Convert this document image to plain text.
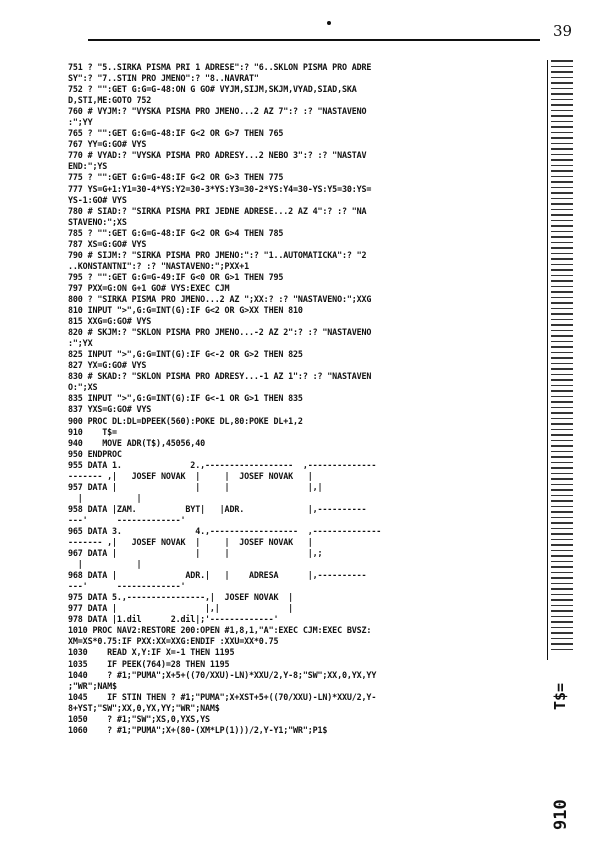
39
751 ? "5..SIRKA PISMA PRI 1 ADRESE":? "6..SKLON PISMA PRO ADRE
SY":? "7..STIN PRO JMENO":? "8..NAVRAT"
752 ? "":GET G:G=G-48:ON G GO# VYJM,SIJM,SKJM,VYAD,SIAD,SKA
D,STI,ME:GOTO 752
760 # VYJM:? "VYSKA PISMA PRO JMENO...2 AZ 7":? :? "NASTAVENO
:";YY
765 ? "":GET G:G=G-48:IF G<2 OR G>7 THEN 765
767 YY=G:GO# VYS
770 # VYAD:? "VYSKA PISMA PRO ADRESY...2 NEBO 3":? :? "NASTAV
END:";YS
775 ? "":GET G:G=G-48:IF G<2 OR G>3 THEN 775
777 YS=G+1:Y1=30-4*YS:Y2=30-3*YS:Y3=30-2*YS:Y4=30-YS:Y5=30:YS=
YS-1:GO# VYS
780 # SIAD:? "SIRKA PISMA PRI JEDNE ADRESE...2 AZ 4":? :? "NA
STAVENO:";XS
785 ? "":GET G:G=G-48:IF G<2 OR G>4 THEN 785
787 XS=G:GO# VYS
790 # SIJM:? "SIRKA PISMA PRO JMENO:":? "1..AUTOMATICKA":? "2
..KONSTANTNI":? :? "NASTAVENO:";PXX+1
795 ? "":GET G:G=G-49:IF G<0 OR G>1 THEN 795
797 PXX=G:ON G+1 GO# VYS:EXEC CJM
800 ? "SIRKA PISMA PRO JMENO...2 AZ ";XX:? :? "NASTAVENO:";XXG
810 INPUT ">",G:G=INT(G):IF G<2 OR G>XX THEN 810
815 XXG=G:GO# VYS
820 # SKJM:? "SKLON PISMA PRO JMENO...-2 AZ 2":? :? "NASTAVENO
:";YX
825 INPUT ">",G:G=INT(G):IF G<-2 OR G>2 THEN 825
827 YX=G:GO# VYS
830 # SKAD:? "SKLON PISMA PRO ADRESY...-1 AZ 1":? :? "NASTAVEN
O:";XS
835 INPUT ">",G:G=INT(G):IF G<-1 OR G>1 THEN 835
837 YXS=G:GO# VYS
900 PROC DL:DL=DPEEK(560):POKE DL,80:POKE DL+1,2
910    T$=
940    MOVE ADR(T$),45056,40
950 ENDPROC
955 DATA 1.              2.,------------------  ,--------------
------- ,|   JOSEF NOVAK  |     |  JOSEF NOVAK   |
957 DATA |                |     |                |,|
|           |
958 DATA |ZAM.          BYT|   |ADR.             |,----------
---'      -------------'
965 DATA 3.               4.,------------------  ,--------------
------- ,|   JOSEF NOVAK  |     |  JOSEF NOVAK   |
967 DATA |                |     |                |,;
|           |
968 DATA |              ADR.|   |    ADRESA      |,----------
---'      -------------'
975 DATA 5.,----------------,|  JOSEF NOVAK  |
977 DATA |                  |,|              |
978 DATA |1.dil      2.dil|;'-------------'
1010 PROC NAV2:RESTORE 200:OPEN #1,8,1,"A":EXEC CJM:EXEC BVSZ:
XM=XS*0.75:IF PXX:XX=XXG:ENDIF :XXU=XX*0.75
1030    READ X,Y:IF X=-1 THEN 1195
1035    IF PEEK(764)=28 THEN 1195
1040    ? #1;"PUMA";X+5+((70/XXU)-LN)*XXU/2,Y-8;"SW";XX,0,YX,YY
;"WR";NAM$
1045    IF STIN THEN ? #1;"PUMA";X+XST+5+((70/XXU)-LN)*XXU/2,Y-
8+YST;"SW";XX,0,YX,YY;"WR";NAM$
1050    ? #1;"SW";XS,0,YXS,YS
1060    ? #1;"PUMA";X+(80-(XM*LP(1)))/2,Y-Y1;"WR";P1$
T$=
910
